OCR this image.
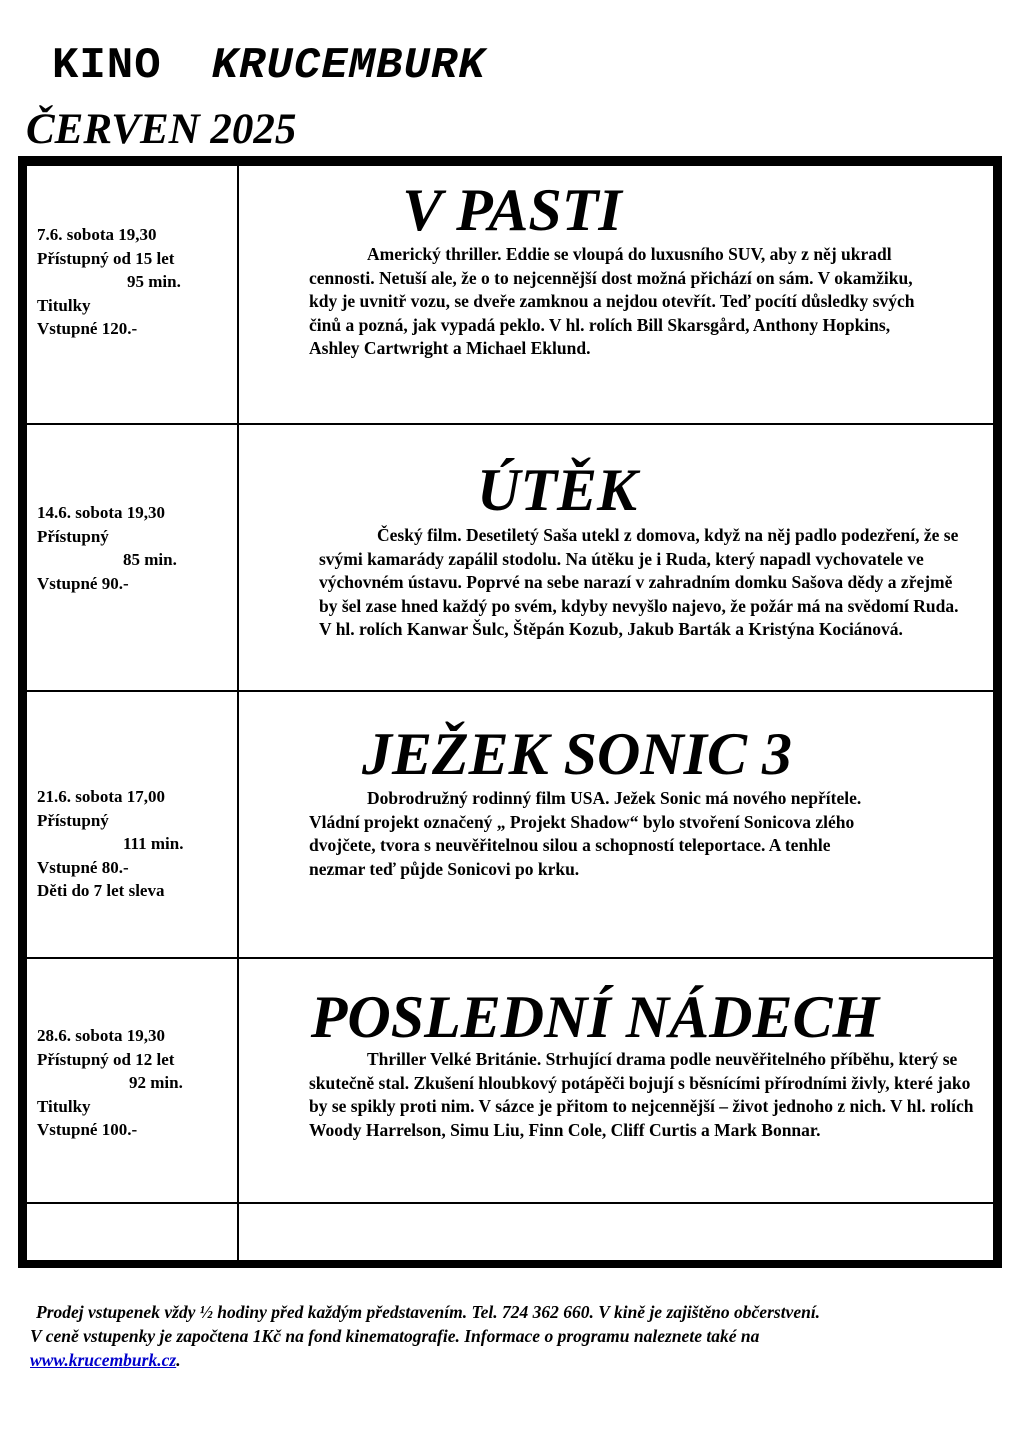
KINO KRUCEMBURK
ČERVEN 2025
7.6. sobota 19,30
Přístupný od 15 let
95 min.
Titulky
Vstupné 120.-
V PASTI
Americký thriller. Eddie se vloupá do luxusního SUV, aby z něj ukradl cennosti. Netuší ale, že o to nejcennější dost možná přichází on sám. V okamžiku, kdy je uvnitř vozu, se dveře zamknou a nejdou otevřít. Teď pocítí důsledky svých činů a pozná, jak vypadá peklo. V hl. rolích Bill Skarsgård, Anthony Hopkins, Ashley Cartwright a Michael Eklund.
14.6. sobota 19,30
Přístupný
85 min.
Vstupné 90.-
ÚTĚK
Český film. Desetiletý Saša utekl z domova, když na něj padlo podezření, že se svými kamarády zapálil stodolu. Na útěku je i Ruda, který napadl vychovatele ve výchovném ústavu. Poprvé na sebe narazí v zahradním domku Sašova dědy a zřejmě by šel zase hned každý po svém, kdyby nevyšlo najevo, že požár má na svědomí Ruda. V hl. rolích Kanwar Šulc, Štěpán Kozub, Jakub Barták a Kristýna Kociánová.
21.6. sobota 17,00
Přístupný
111 min.
Vstupné 80.-
Děti do 7 let sleva
JEŽEK SONIC 3
Dobrodružný rodinný film USA. Ježek Sonic má nového nepřítele. Vládní projekt označený „ Projekt Shadow“ bylo stvoření Sonicova zlého dvojčete, tvora s neuvěřitelnou silou a schopností teleportace. A tenhle nezmar teď půjde Sonicovi po krku.
28.6. sobota 19,30
Přístupný od 12 let
92 min.
Titulky
Vstupné 100.-
POSLEDNÍ NÁDECH
Thriller Velké Británie. Strhující drama podle neuvěřitelného příběhu, který se skutečně stal. Zkušení hloubkový potápěči bojují s běsnícími přírodními živly, které jako by se spikly proti nim. V sázce je přitom to nejcennější – život jednoho z nich. V hl. rolích Woody Harrelson, Simu Liu, Finn Cole, Cliff Curtis a Mark Bonnar.
Prodej vstupenek vždy ½ hodiny před každým představením. Tel. 724 362 660. V kině je zajištěno občerstvení.
V ceně vstupenky je započtena 1Kč na fond kinematografie. Informace o programu naleznete také na
www.krucemburk.cz.
